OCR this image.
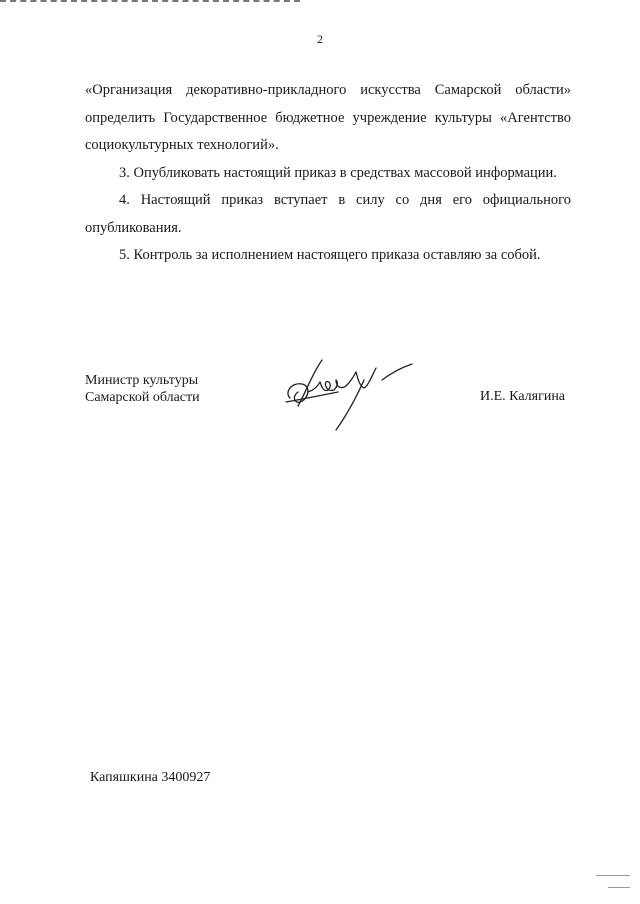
2

«Организация декоративно-прикладного искусства Самарской области» определить Государственное бюджетное учреждение культуры «Агентство социокультурных технологий».

3. Опубликовать настоящий приказ в средствах массовой информации.

4. Настоящий приказ вступает в силу со дня его официального опубликования.

5. Контроль за исполнением настоящего приказа оставляю за собой.

Министр культуры
Самарской области	И.Е. Калягина
Капяшкина 3400927
